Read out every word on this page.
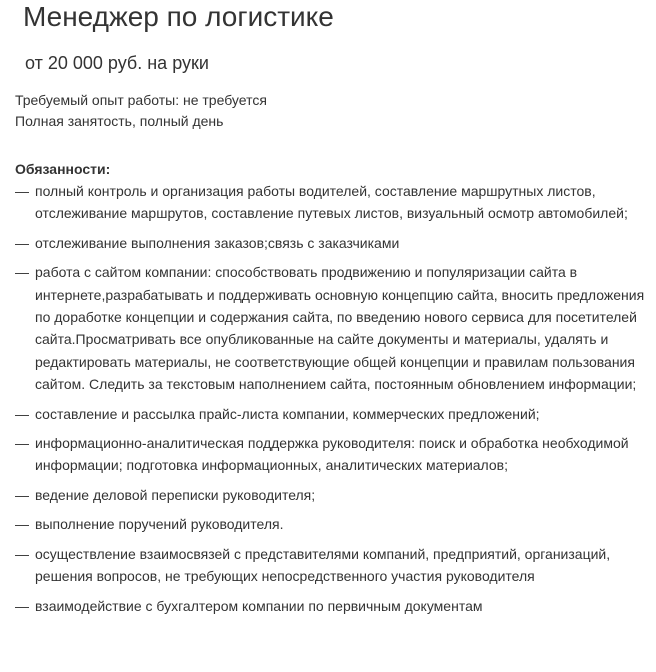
Менеджер по логистике
от 20 000 руб. на руки
Требуемый опыт работы: не требуется
Полная занятость, полный день
Обязанности:
— полный контроль и организация работы водителей, составление маршрутных листов, отслеживание маршрутов, составление путевых листов, визуальный осмотр автомобилей;
— отслеживание выполнения заказов;связь с заказчиками
— работа с сайтом компании: способствовать продвижению и популяризации сайта в интернете,разрабатывать и поддерживать основную концепцию сайта, вносить предложения по доработке концепции и содержания сайта, по введению нового сервиса для посетителей сайта.Просматривать все опубликованные на сайте документы и материалы, удалять и редактировать материалы, не соответствующие общей концепции и правилам пользования сайтом. Следить за текстовым наполнением сайта, постоянным обновлением информации;
— составление и рассылка прайс-листа компании, коммерческих предложений;
— информационно-аналитическая поддержка руководителя: поиск и обработка необходимой информации; подготовка информационных, аналитических материалов;
— ведение деловой переписки руководителя;
— выполнение поручений руководителя.
— осуществление взаимосвязей с представителями компаний, предприятий, организаций, решения вопросов, не требующих непосредственного участия руководителя
— взаимодействие с бухгалтером компании по первичным документам
